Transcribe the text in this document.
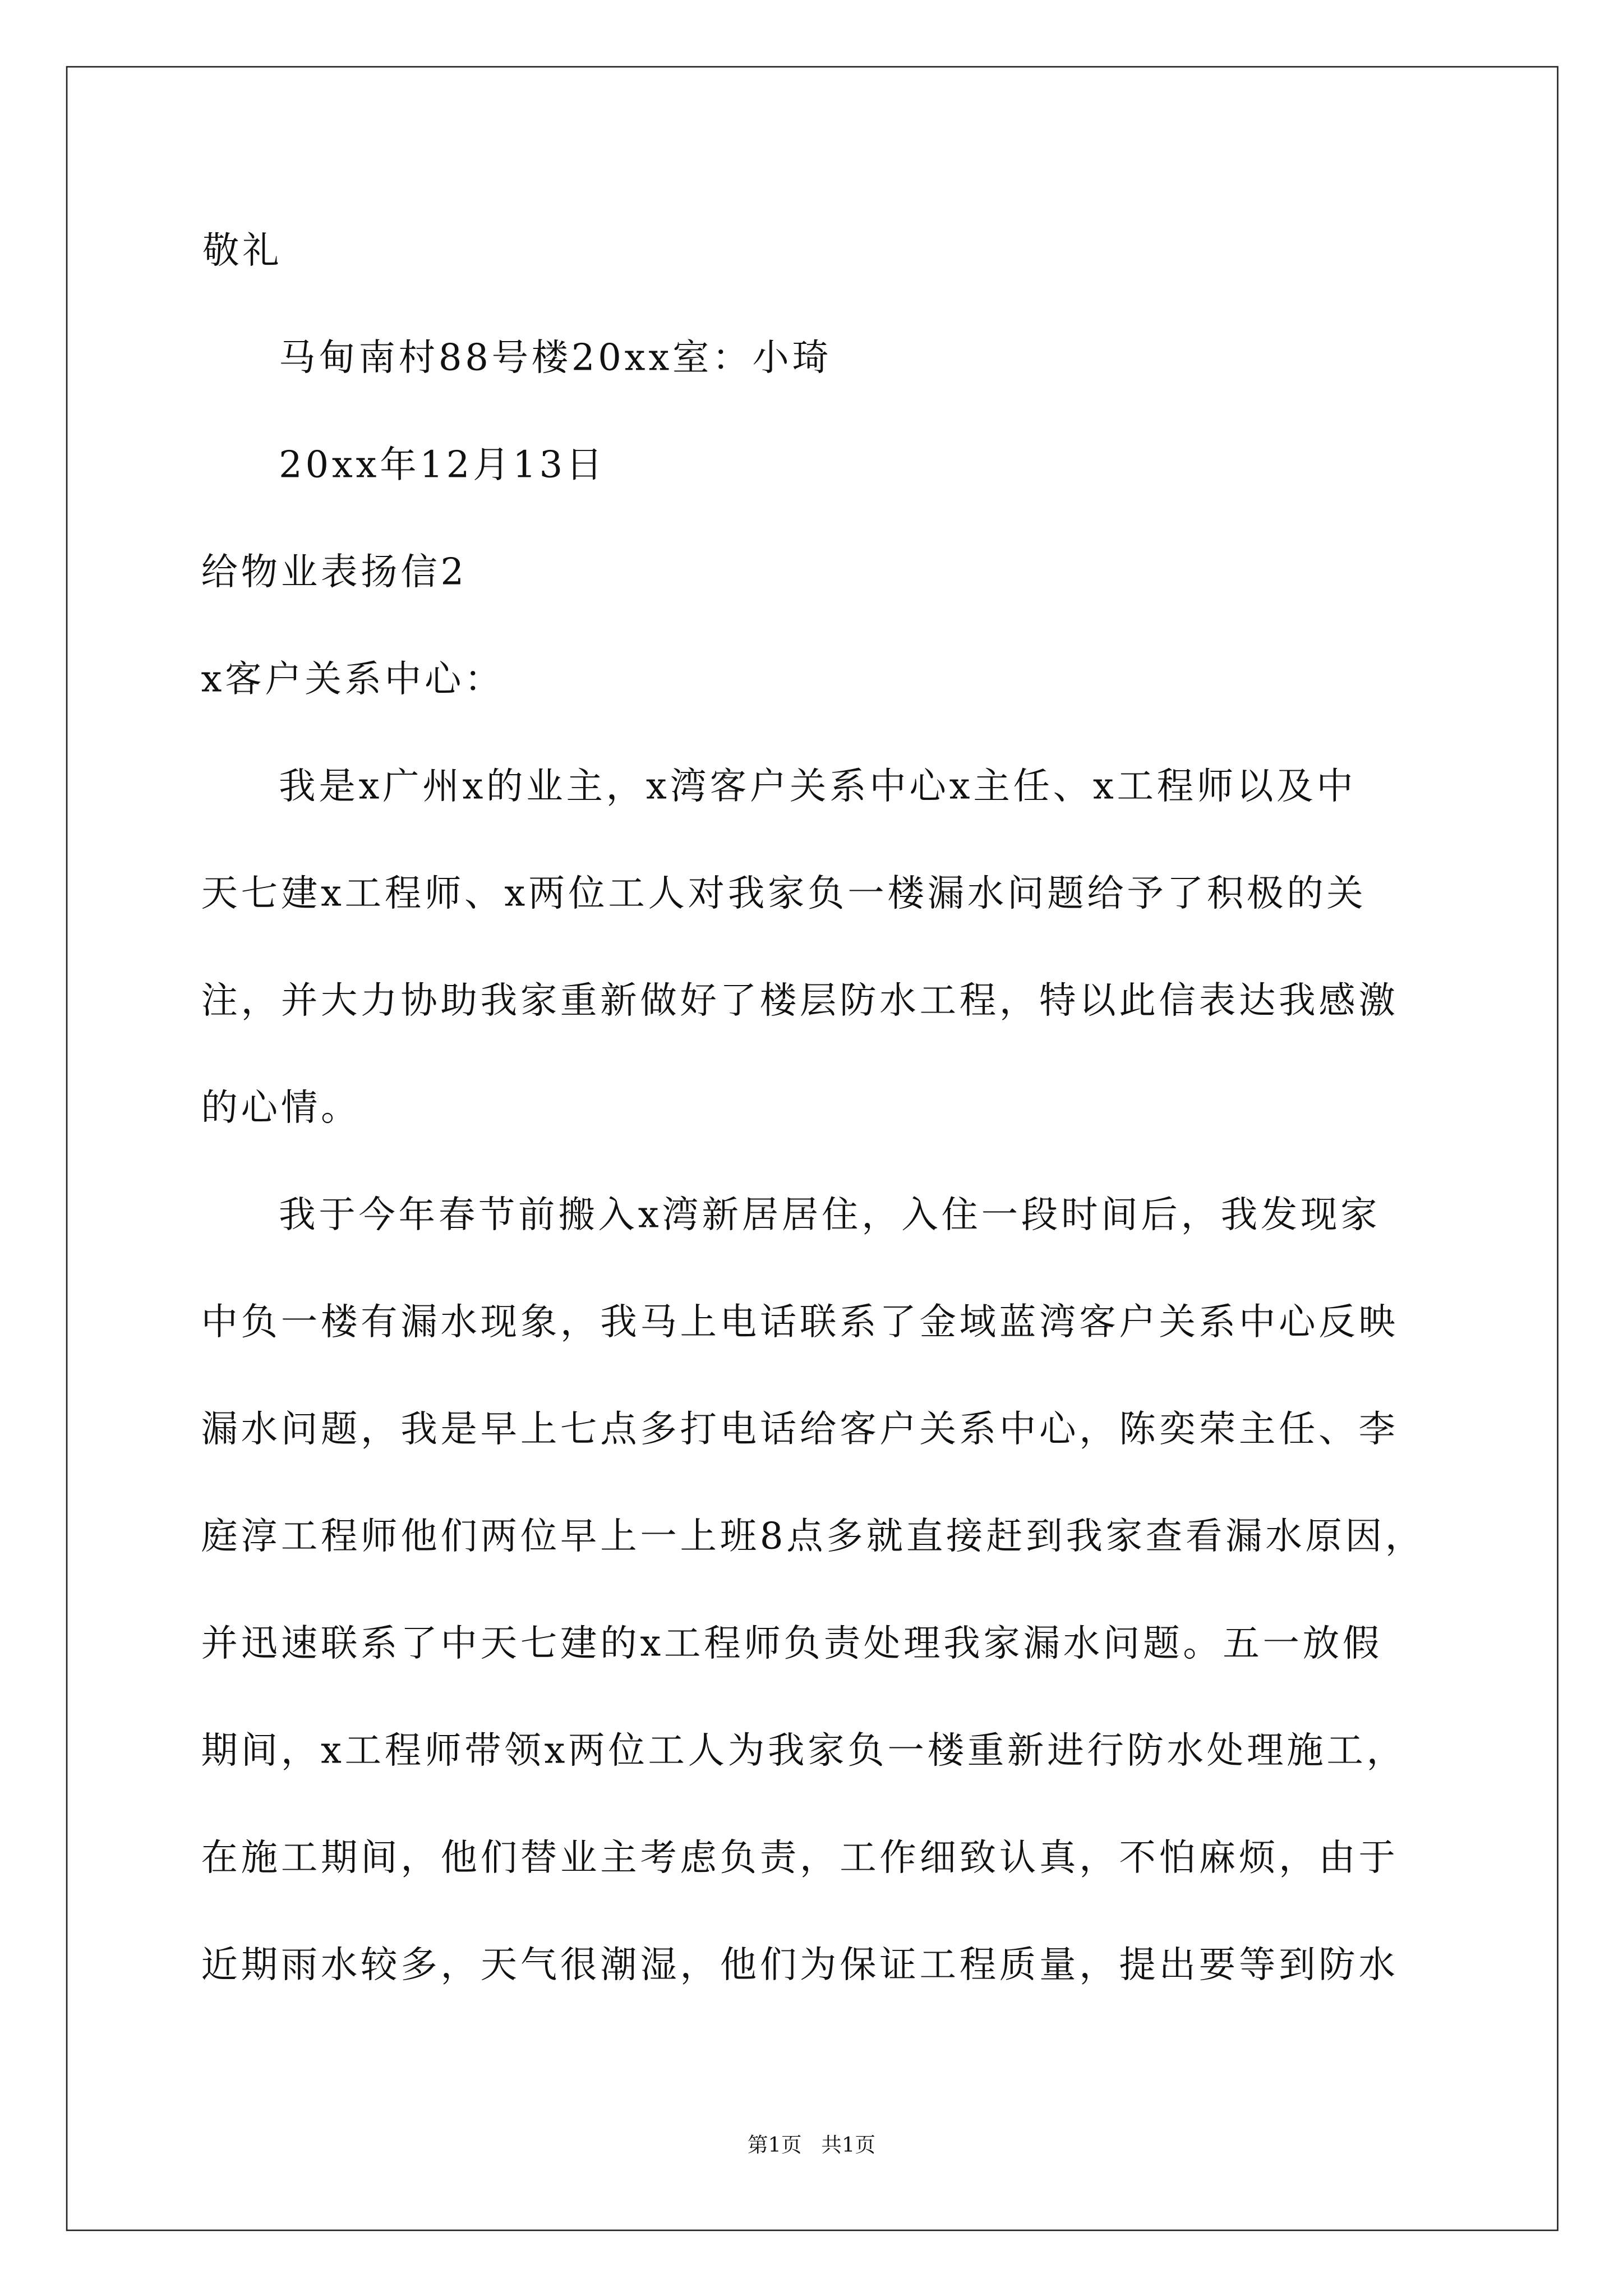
敬礼

马甸南村88号楼20xx室：小琦

20xx年12月13日

给物业表扬信2

x客户关系中心：

我是x广州x的业主，x湾客户关系中心x主任、x工程师以及中

天七建x工程师、x两位工人对我家负一楼漏水问题给予了积极的关

注，并大力协助我家重新做好了楼层防水工程，特以此信表达我感激

的心情。

我于今年春节前搬入x湾新居居住，入住一段时间后，我发现家

中负一楼有漏水现象，我马上电话联系了金域蓝湾客户关系中心反映

漏水问题，我是早上七点多打电话给客户关系中心，陈奕荣主任、李

庭淳工程师他们两位早上一上班8点多就直接赶到我家查看漏水原因，

并迅速联系了中天七建的x工程师负责处理我家漏水问题。五一放假

期间，x工程师带领x两位工人为我家负一楼重新进行防水处理施工，

在施工期间，他们替业主考虑负责，工作细致认真，不怕麻烦，由于

近期雨水较多，天气很潮湿，他们为保证工程质量，提出要等到防水

第1页   共1页
